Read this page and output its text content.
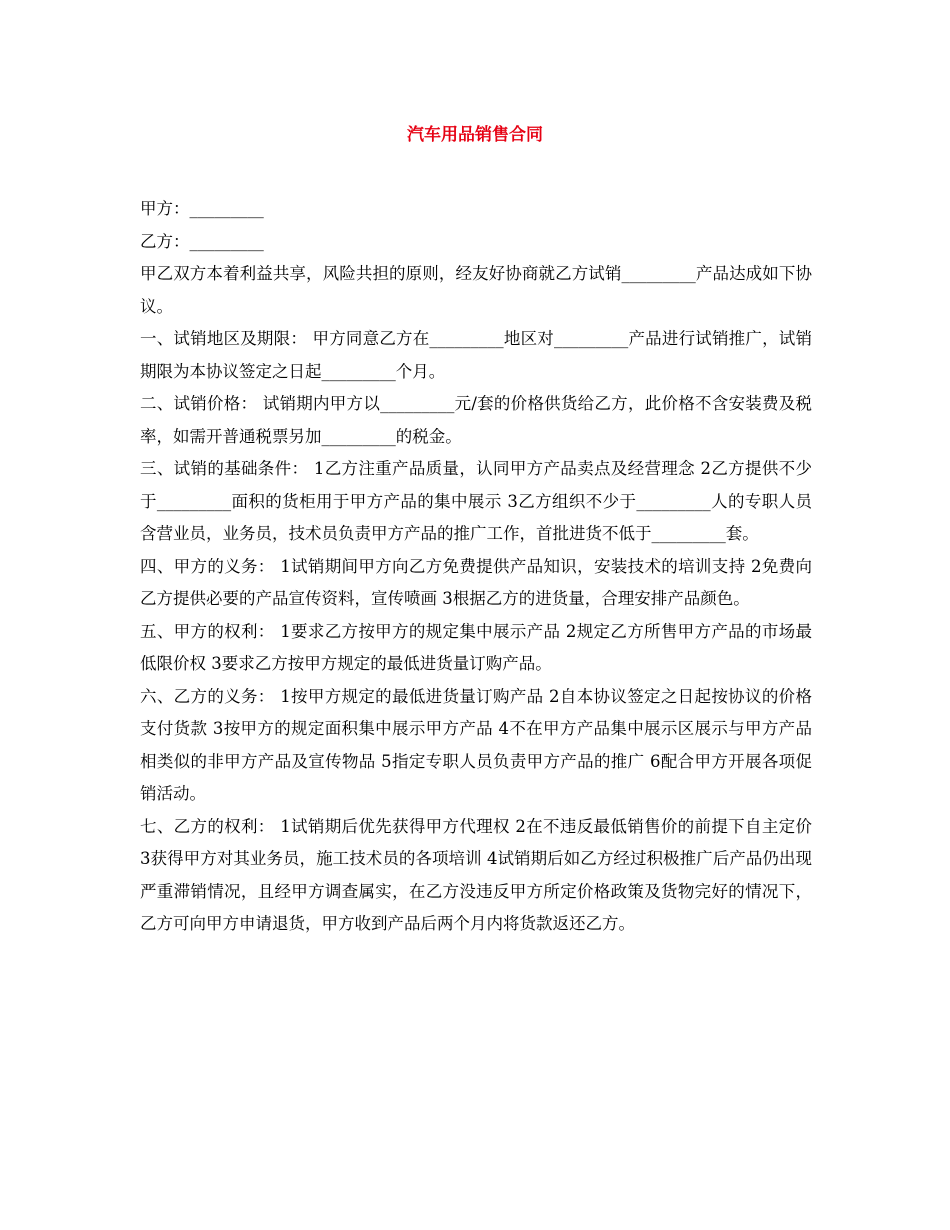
汽车用品销售合同

甲方：_________

乙方：_________

甲乙双方本着利益共享，风险共担的原则，经友好协商就乙方试销_________产品达成如下协议。

一、试销地区及期限： 甲方同意乙方在_________地区对_________产品进行试销推广，试销期限为本协议签定之日起_________个月。

二、试销价格： 试销期内甲方以_________元/套的价格供货给乙方，此价格不含安装费及税率，如需开普通税票另加_________的税金。

三、试销的基础条件： 1乙方注重产品质量，认同甲方产品卖点及经营理念 2乙方提供不少于_________面积的货柜用于甲方产品的集中展示 3乙方组织不少于_________人的专职人员含营业员，业务员，技术员负责甲方产品的推广工作，首批进货不低于_________套。

四、甲方的义务： 1试销期间甲方向乙方免费提供产品知识，安装技术的培训支持 2免费向乙方提供必要的产品宣传资料，宣传喷画 3根据乙方的进货量，合理安排产品颜色。

五、甲方的权利： 1要求乙方按甲方的规定集中展示产品 2规定乙方所售甲方产品的市场最低限价权 3要求乙方按甲方规定的最低进货量订购产品。

六、乙方的义务： 1按甲方规定的最低进货量订购产品 2自本协议签定之日起按协议的价格支付货款 3按甲方的规定面积集中展示甲方产品 4不在甲方产品集中展示区展示与甲方产品相类似的非甲方产品及宣传物品 5指定专职人员负责甲方产品的推广 6配合甲方开展各项促销活动。

七、乙方的权利： 1试销期后优先获得甲方代理权 2在不违反最低销售价的前提下自主定价 3获得甲方对其业务员，施工技术员的各项培训 4试销期后如乙方经过积极推广后产品仍出现严重滞销情况，且经甲方调查属实，在乙方没违反甲方所定价格政策及货物完好的情况下，乙方可向甲方申请退货，甲方收到产品后两个月内将货款返还乙方。
